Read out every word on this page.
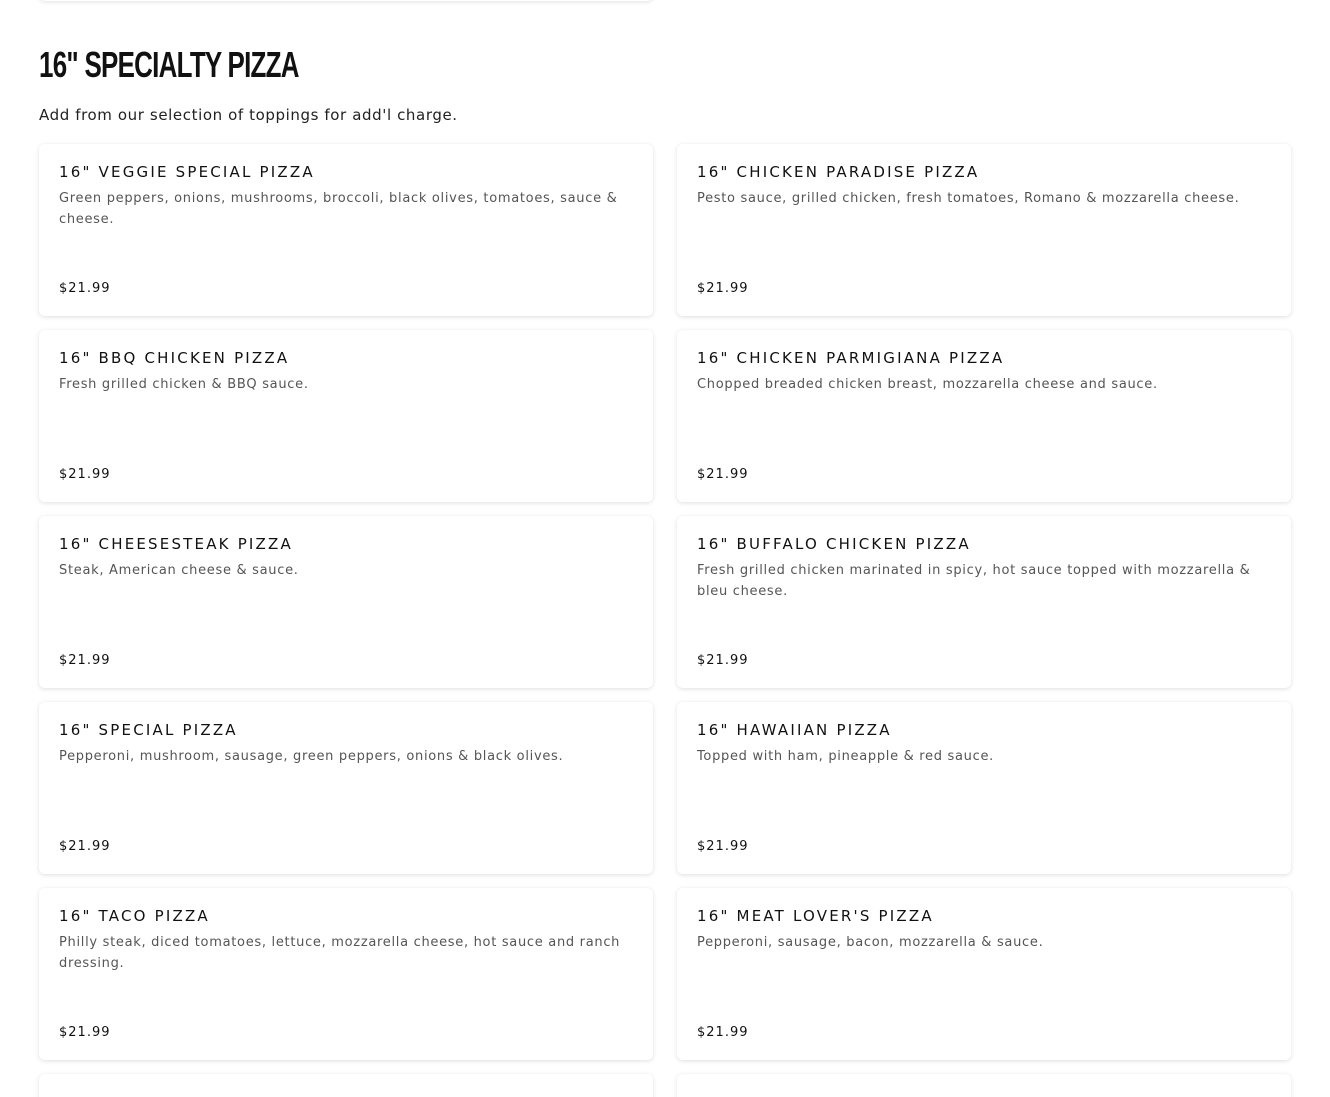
16" SPECIALTY PIZZA

Add from our selection of toppings for add'l charge.

16" VEGGIE SPECIAL PIZZA
Green peppers, onions, mushrooms, broccoli, black olives, tomatoes, sauce & cheese.
$21.99
16" CHICKEN PARADISE PIZZA
Pesto sauce, grilled chicken, fresh tomatoes, Romano & mozzarella cheese.
$21.99
16" BBQ CHICKEN PIZZA
Fresh grilled chicken & BBQ sauce.
$21.99
16" CHICKEN PARMIGIANA PIZZA
Chopped breaded chicken breast, mozzarella cheese and sauce.
$21.99
16" CHEESESTEAK PIZZA
Steak, American cheese & sauce.
$21.99
16" BUFFALO CHICKEN PIZZA
Fresh grilled chicken marinated in spicy, hot sauce topped with mozzarella & bleu cheese.
$21.99
16" SPECIAL PIZZA
Pepperoni, mushroom, sausage, green peppers, onions & black olives.
$21.99
16" HAWAIIAN PIZZA
Topped with ham, pineapple & red sauce.
$21.99
16" TACO PIZZA
Philly steak, diced tomatoes, lettuce, mozzarella cheese, hot sauce and ranch dressing.
$21.99
16" MEAT LOVER'S PIZZA
Pepperoni, sausage, bacon, mozzarella & sauce.
$21.99
